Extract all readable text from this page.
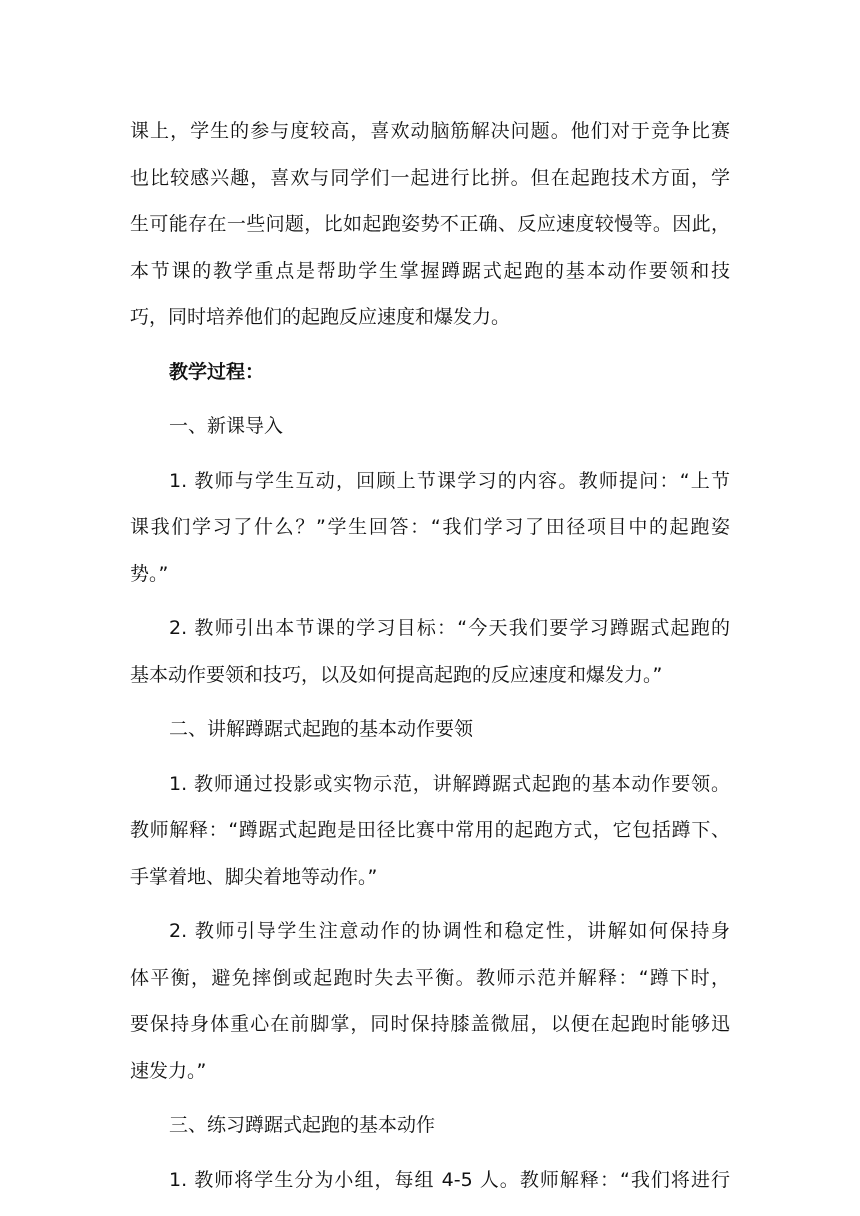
课上，学生的参与度较高，喜欢动脑筋解决问题。他们对于竞争比赛
也比较感兴趣，喜欢与同学们一起进行比拼。但在起跑技术方面，学
生可能存在一些问题，比如起跑姿势不正确、反应速度较慢等。因此，
本节课的教学重点是帮助学生掌握蹲踞式起跑的基本动作要领和技
巧，同时培养他们的起跑反应速度和爆发力。
教学过程：
一、新课导入
1. 教师与学生互动，回顾上节课学习的内容。教师提问：“上节
课我们学习了什么？”学生回答：“我们学习了田径项目中的起跑姿
势。”
2. 教师引出本节课的学习目标：“今天我们要学习蹲踞式起跑的
基本动作要领和技巧，以及如何提高起跑的反应速度和爆发力。”
二、讲解蹲踞式起跑的基本动作要领
1. 教师通过投影或实物示范，讲解蹲踞式起跑的基本动作要领。
教师解释：“蹲踞式起跑是田径比赛中常用的起跑方式，它包括蹲下、
手掌着地、脚尖着地等动作。”
2. 教师引导学生注意动作的协调性和稳定性，讲解如何保持身
体平衡，避免摔倒或起跑时失去平衡。教师示范并解释：“蹲下时，
要保持身体重心在前脚掌，同时保持膝盖微屈，以便在起跑时能够迅
速发力。”
三、练习蹲踞式起跑的基本动作
1. 教师将学生分为小组，每组 4-5 人。教师解释：“我们将进行
